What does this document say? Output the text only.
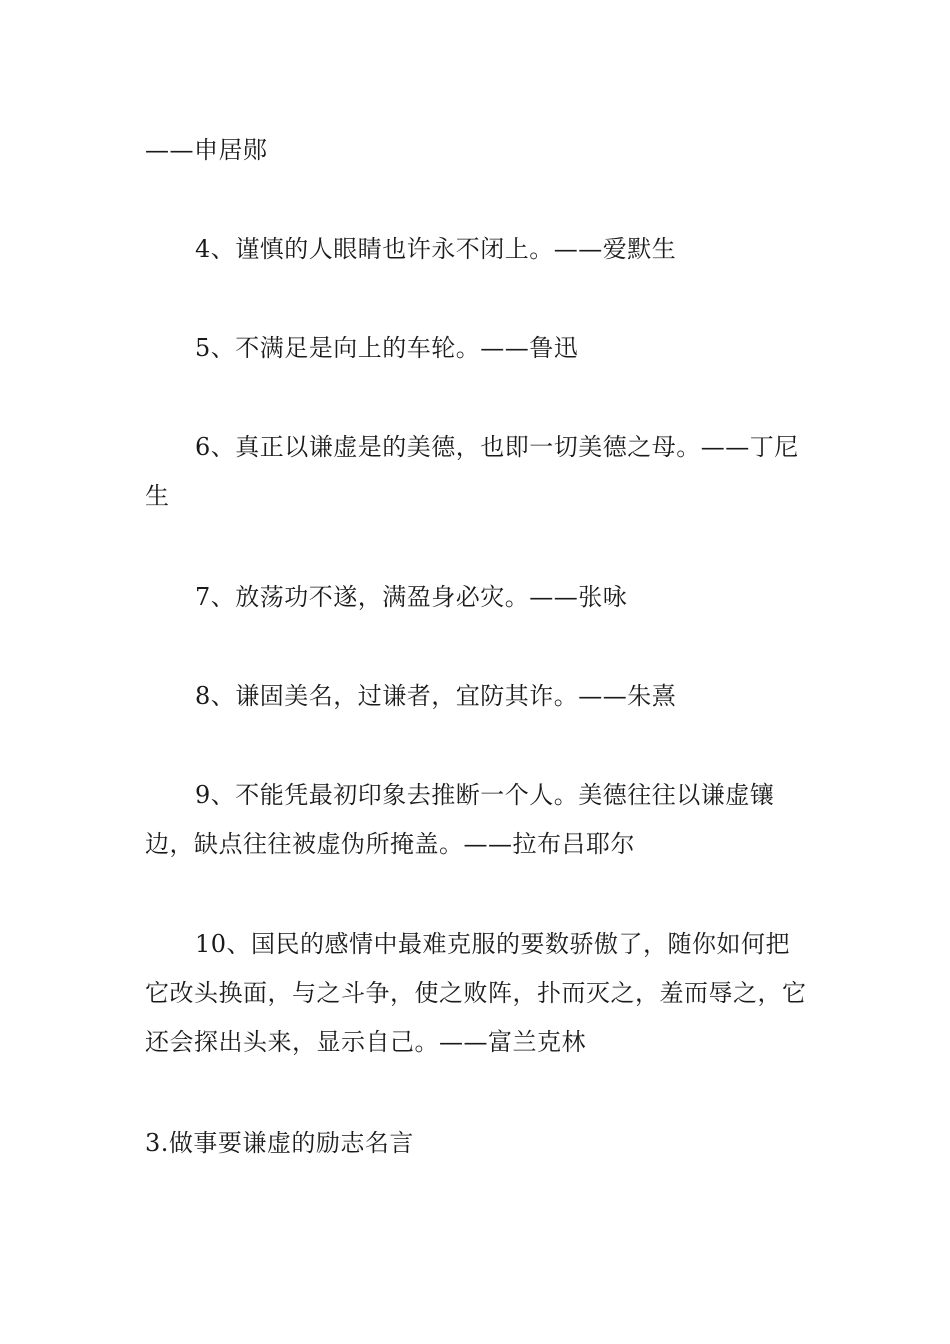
——申居郧
4、谨慎的人眼睛也许永不闭上。——爱默生
5、不满足是向上的车轮。——鲁迅
6、真正以谦虚是的美德，也即一切美德之母。——丁尼生
7、放荡功不遂，满盈身必灾。——张咏
8、谦固美名，过谦者，宜防其诈。——朱熹
9、不能凭最初印象去推断一个人。美德往往以谦虚镶边，缺点往往被虚伪所掩盖。——拉布吕耶尔
10、国民的感情中最难克服的要数骄傲了，随你如何把它改头换面，与之斗争，使之败阵，扑而灭之，羞而辱之，它还会探出头来，显示自己。——富兰克林
3.做事要谦虚的励志名言
